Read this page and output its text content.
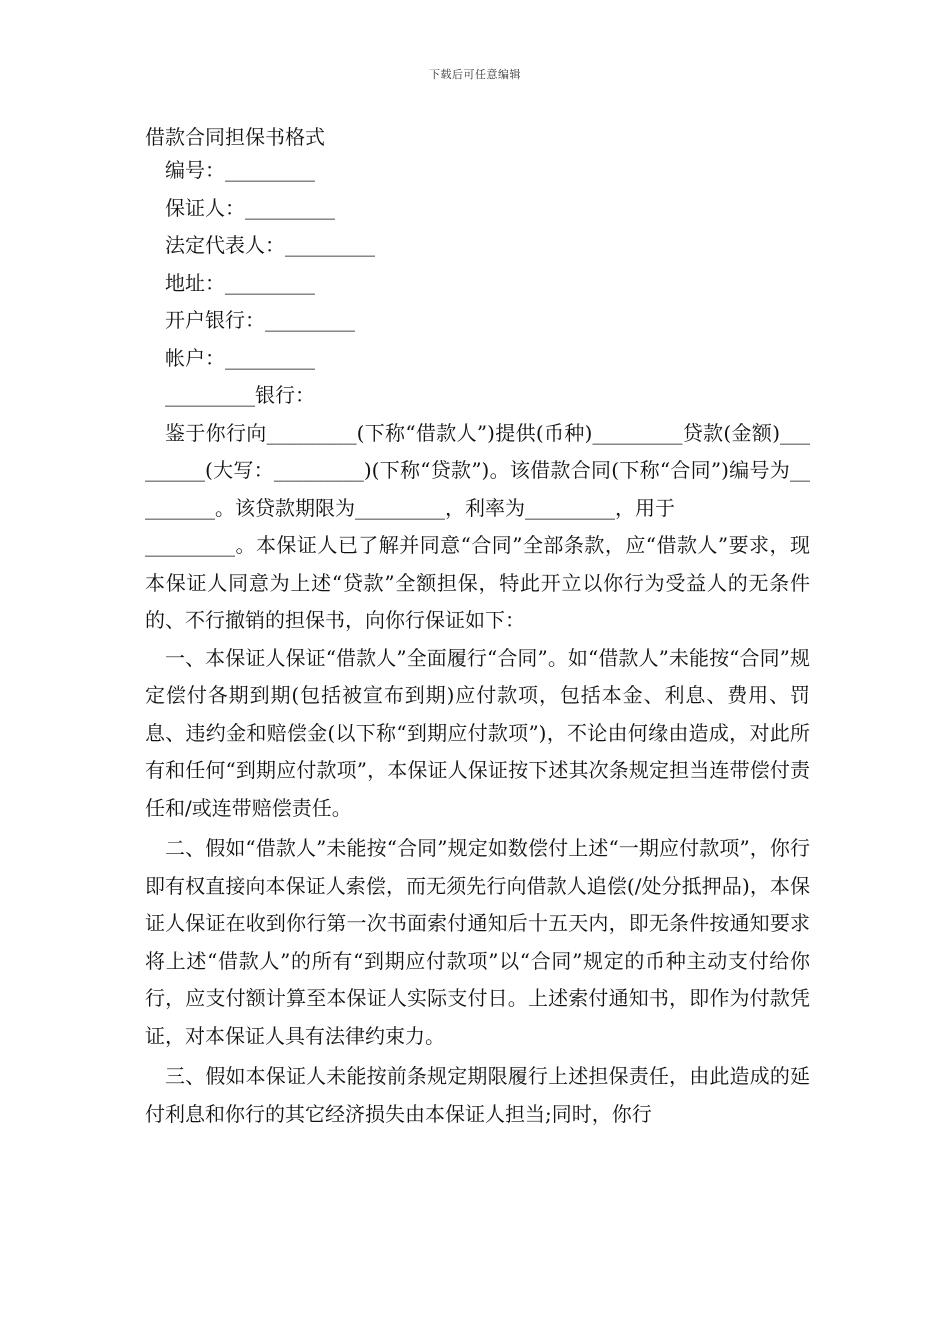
下载后可任意编辑
借款合同担保书格式
编号：_________
保证人：_________
法定代表人：_________
地址：_________
开户银行：_________
帐户：_________
_________银行：

鉴于你行向_________(下称“借款人”)提供(币种)_________贷款(金额)_________(大写：_________)(下称“贷款”)。该借款合同(下称“合同”)编号为_________。该贷款期限为_________，利率为_________，用于

_________。本保证人已了解并同意“合同”全部条款，应“借款人”要求，现本保证人同意为上述“贷款”全额担保，特此开立以你行为受益人的无条件的、不行撤销的担保书，向你行保证如下：

一、本保证人保证“借款人”全面履行“合同”。如“借款人”未能按“合同”规定偿付各期到期(包括被宣布到期)应付款项，包括本金、利息、费用、罚息、违约金和赔偿金(以下称“到期应付款项”)，不论由何缘由造成，对此所有和任何“到期应付款项”，本保证人保证按下述其次条规定担当连带偿付责任和/或连带赔偿责任。

二、假如“借款人”未能按“合同”规定如数偿付上述“一期应付款项”，你行即有权直接向本保证人索偿，而无须先行向借款人追偿(/处分抵押品)，本保证人保证在收到你行第一次书面索付通知后十五天内，即无条件按通知要求将上述“借款人”的所有“到期应付款项”以“合同”规定的币种主动支付给你行，应支付额计算至本保证人实际支付日。上述索付通知书，即作为付款凭证，对本保证人具有法律约束力。

三、假如本保证人未能按前条规定期限履行上述担保责任，由此造成的延付利息和你行的其它经济损失由本保证人担当;同时，你行
